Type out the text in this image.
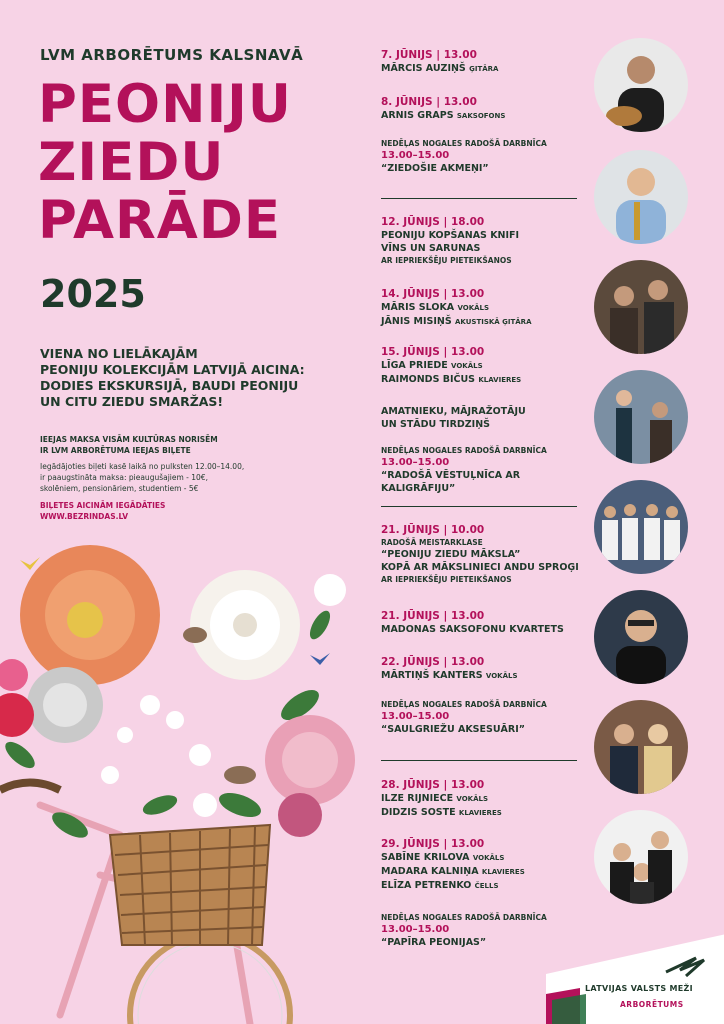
LVM ARBORĒTUMS KALSNAVĀ
PEONIJU
ZIEDU
PARĀDE
2025
VIENA NO LIELĀKAJĀM
PEONIJU KOLEKCIJĀM LATVIJĀ AICINA:
DODIES EKSKURSIJĀ, BAUDI PEONIJU
UN CITU ZIEDU SMARŽAS!
IEEJAS MAKSA VISĀM KULTŪRAS NORISĒM
IR LVM ARBORĒTUMA IEEJAS BIĻETE
Iegādājoties biļeti kasē laikā no pulksten 12.00–14.00,
ir paaugstināta maksa: pieaugušajiem - 10€,
skolēniem, pensionāriem, studentiem - 5€
BIĻETES AICINĀM IEGĀDĀTIES
WWW.BEZRINDAS.LV
7. JŪNIJS | 13.00
MĀRCIS AUZIŅŠ ĢITĀRA
8. JŪNIJS | 13.00
ARNIS GRAPS SAKSOFONS
NEDĒĻAS NOGALES RADOŠĀ DARBNĪCA
13.00–15.00
“ZIEDOŠIE AKMEŅI”
12. JŪNIJS | 18.00
PEONIJU KOPŠANAS KNIFI
VĪNS UN SARUNAS
AR IEPRIEKŠĒJU PIETEIKŠANOS
14. JŪNIJS | 13.00
MĀRIS SLOKA VOKĀLS
JĀNIS MISIŅŠ AKUSTISKĀ ĢITĀRA
15. JŪNIJS | 13.00
LĪGA PRIEDE VOKĀLS
RAIMONDS BIČUS KLAVIERES
AMATNIEKU, MĀJRAŽOTĀJU
UN STĀDU TIRDZIŅŠ
NEDĒĻAS NOGALES RADOŠĀ DARBNĪCA
13.00–15.00
“RADOŠĀ VĒSTUĻNĪCA AR KALIGRĀFIJU”
21. JŪNIJS | 10.00
RADOŠĀ MEISTARKLASE
“PEONIJU ZIEDU MĀKSLA”
KOPĀ AR MĀKSLINIECI ANDU SPROĢI
AR IEPRIEKŠĒJU PIETEIKŠANOS
21. JŪNIJS | 13.00
MADONAS SAKSOFONU KVARTETS
22. JŪNIJS | 13.00
MĀRTIŅŠ KANTERS VOKĀLS
NEDĒĻAS NOGALES RADOŠĀ DARBNĪCA
13.00–15.00
“SAULGRIEŽU AKSESUĀRI”
28. JŪNIJS | 13.00
ILZE RIJNIECE VOKĀLS
DIDZIS SOSTE KLAVIERES
29. JŪNIJS | 13.00
SABĪNE KRILOVA VOKĀLS
MADARA KALNIŅA KLAVIERES
ELĪZA PETRENKO ČELLS
NEDĒĻAS NOGALES RADOŠĀ DARBNĪCA
13.00–15.00
“PAPĪRA PEONIJAS”
LATVIJAS VALSTS MEŽI
ARBORĒTUMS
